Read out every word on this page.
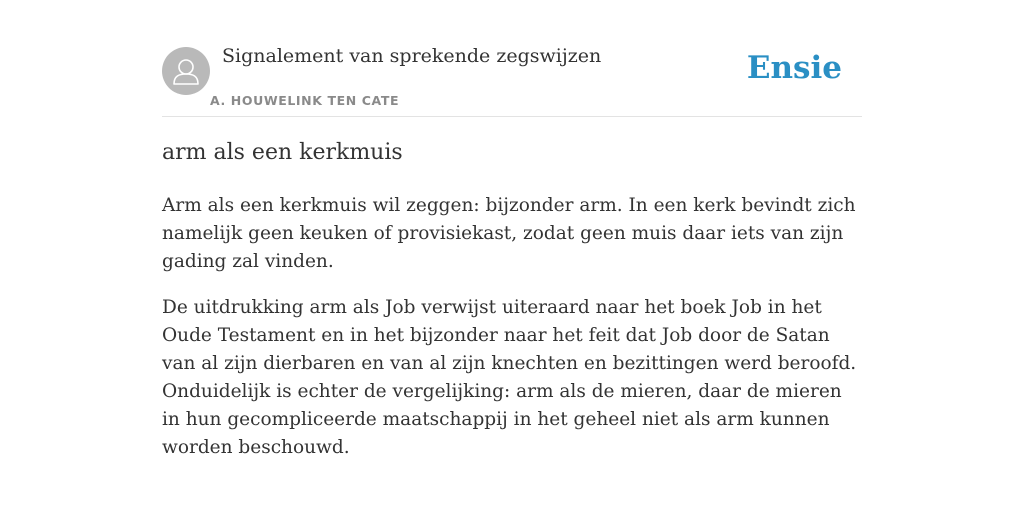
Signalement van sprekende zegswijzen
A. HOUWELINK TEN CATE
Ensie
arm als een kerkmuis

Arm als een kerkmuis wil zeggen: bijzonder arm. In een kerk bevindt zich namelijk geen keuken of provisiekast, zodat geen muis daar iets van zijn gading zal vinden.

De uitdrukking arm als Job verwijst uiteraard naar het boek Job in het Oude Testament en in het bijzonder naar het feit dat Job door de Satan van al zijn dierbaren en van al zijn knechten en bezittingen werd beroofd. Onduidelijk is echter de vergelijking: arm als de mieren, daar de mieren in hun gecompliceerde maatschappij in het geheel niet als arm kunnen worden beschouwd.
